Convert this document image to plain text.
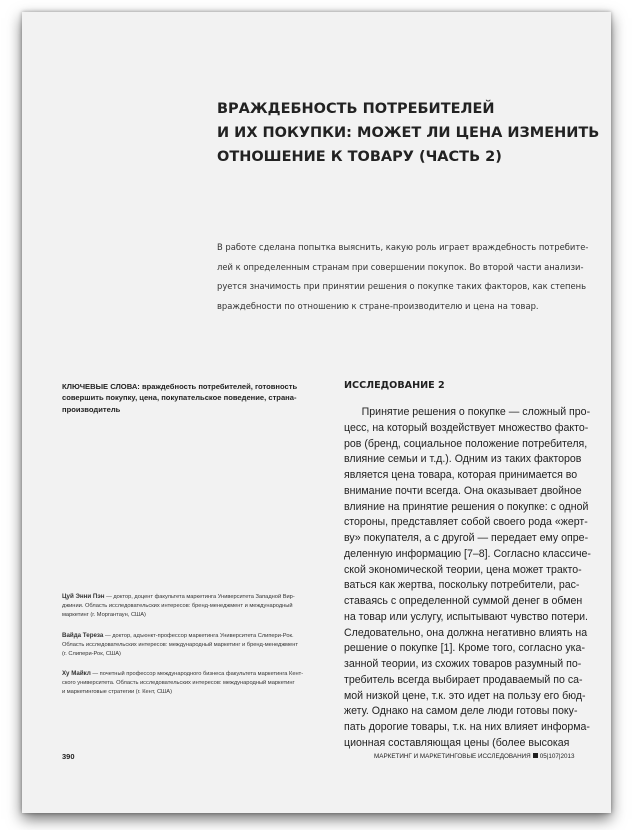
ВРАЖДЕБНОСТЬ ПОТРЕБИТЕЛЕЙ
И ИХ ПОКУПКИ: МОЖЕТ ЛИ ЦЕНА ИЗМЕНИТЬ
ОТНОШЕНИЕ К ТОВАРУ (ЧАСТЬ 2)

В работе сделана попытка выяснить, какую роль играет враждебность потребите-
лей к определенным странам при совершении покупок. Во второй части анализи-
руется значимость при принятии решения о покупке таких факторов, как степень
враждебности по отношению к стране-производителю и цена на товар.

КЛЮЧЕВЫЕ СЛОВА: враждебность потребителей, готовность
совершить покупку, цена, покупательское поведение, страна-
производитель
Цуй Энни Пэн — доктор, доцент факультета маркетинга Университета Западной Вир-
джинии. Область исследовательских интересов: бренд-менеджмент и международный
маркетинг (г. Моргантаун, США)
Вайда Тереза — доктор, адъюнкт-профессор маркетинга Университета Слипери-Рок.
Область исследовательских интересов: международный маркетинг и бренд-менеджмент
(г. Слипери-Рок, США)
Ху Майкл — почетный профессор международного бизнеса факультета маркетинга Кент-
ского университета. Область исследовательских интересов: международный маркетинг
и маркетинговые стратегии (г. Кент, США)
ИССЛЕДОВАНИЕ 2
Принятие решения о покупке — сложный про-
цесс, на который воздействует множество факто-
ров (бренд, социальное положение потребителя,
влияние семьи и т.д.). Одним из таких факторов
является цена товара, которая принимается во
внимание почти всегда. Она оказывает двойное
влияние на принятие решения о покупке: с одной
стороны, представляет собой своего рода «жерт-
ву» покупателя, а с другой — передает ему опре-
деленную информацию [7–8]. Согласно классиче-
ской экономической теории, цена может тракто-
ваться как жертва, поскольку потребители, рас-
ставаясь с определенной суммой денег в обмен
на товар или услугу, испытывают чувство потери.
Следовательно, она должна негативно влиять на
решение о покупке [1]. Кроме того, согласно ука-
занной теории, из схожих товаров разумный по-
требитель всегда выбирает продаваемый по са-
мой низкой цене, т.к. это идет на пользу его бюд-
жету. Однако на самом деле люди готовы поку-
пать дорогие товары, т.к. на них влияет информа-
ционная составляющая цены (более высокая
390	МАРКЕТИНГ И МАРКЕТИНГОВЫЕ ИССЛЕДОВАНИЯ 05|107|2013
